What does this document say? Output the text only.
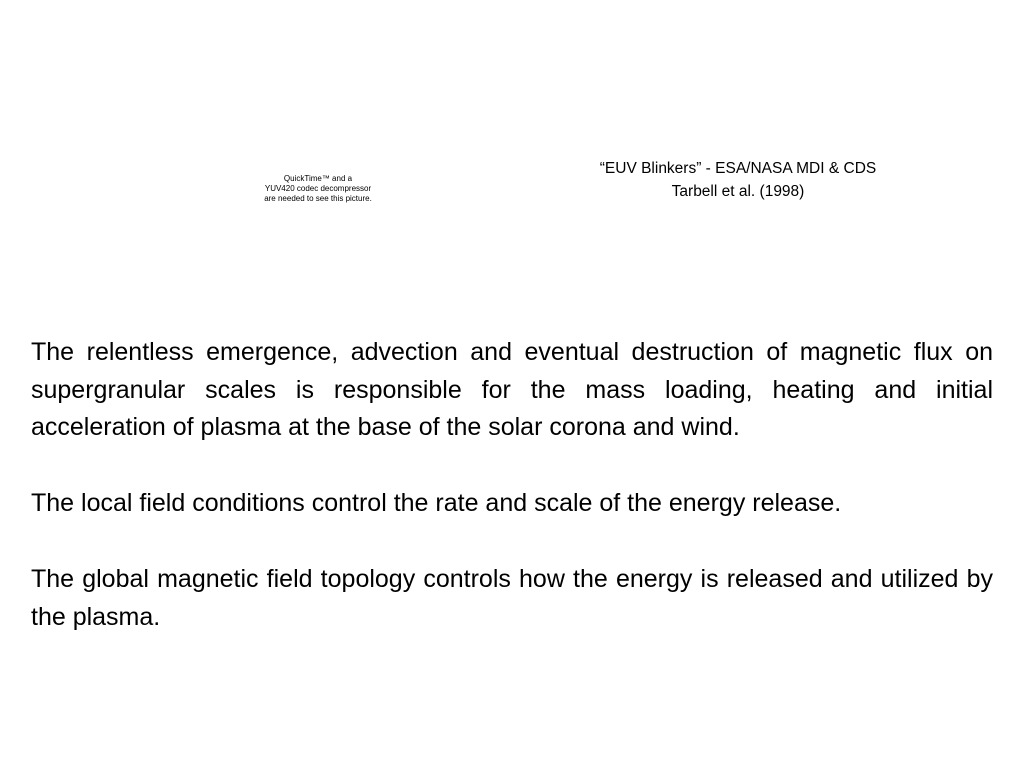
QuickTime™ and a
YUV420 codec decompressor
are needed to see this picture.
“EUV Blinkers” - ESA/NASA MDI & CDS
Tarbell et al. (1998)

The relentless emergence, advection and eventual destruction of magnetic flux on supergranular scales is responsible for the mass loading, heating and initial acceleration of plasma at the base of the solar corona and wind.

The local field conditions control the rate and scale of the energy release.

The global magnetic field topology controls how the energy is released and utilized by the plasma.
